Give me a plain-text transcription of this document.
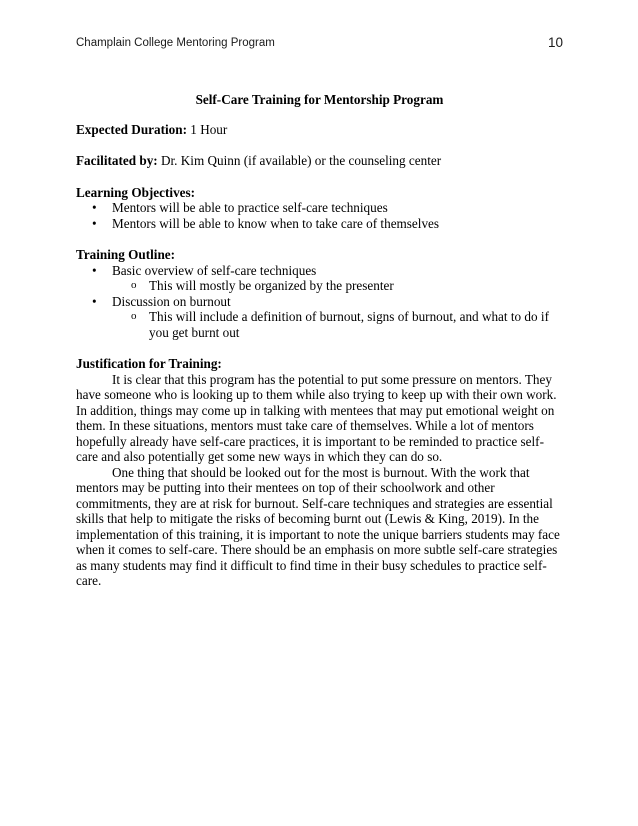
Champlain College Mentoring Program	10
Self-Care Training for Mentorship Program
Expected Duration: 1 Hour
Facilitated by: Dr. Kim Quinn (if available) or the counseling center
Learning Objectives:
• Mentors will be able to practice self-care techniques
• Mentors will be able to know when to take care of themselves
Training Outline:
• Basic overview of self-care techniques
o This will mostly be organized by the presenter
• Discussion on burnout
o This will include a definition of burnout, signs of burnout, and what to do if you get burnt out
Justification for Training:

It is clear that this program has the potential to put some pressure on mentors. They have someone who is looking up to them while also trying to keep up with their own work. In addition, things may come up in talking with mentees that may put emotional weight on them. In these situations, mentors must take care of themselves. While a lot of mentors hopefully already have self-care practices, it is important to be reminded to practice self-care and also potentially get some new ways in which they can do so.

One thing that should be looked out for the most is burnout. With the work that mentors may be putting into their mentees on top of their schoolwork and other commitments, they are at risk for burnout. Self-care techniques and strategies are essential skills that help to mitigate the risks of becoming burnt out (Lewis & King, 2019). In the implementation of this training, it is important to note the unique barriers students may face when it comes to self-care. There should be an emphasis on more subtle self-care strategies as many students may find it difficult to find time in their busy schedules to practice self-care.
